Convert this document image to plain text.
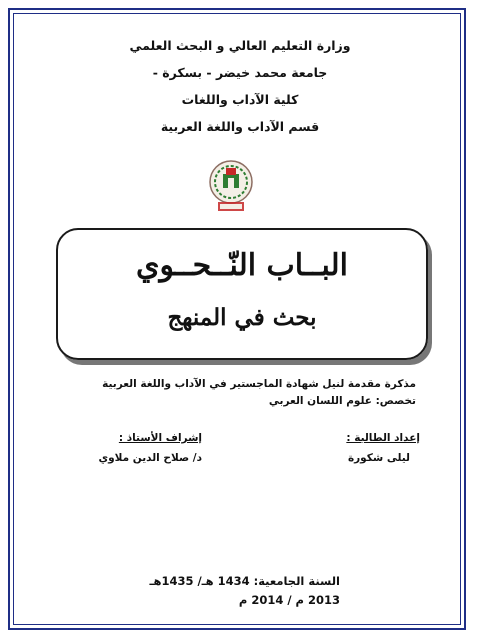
وزارة التعليم العالي و البحث العلمي
جامعة محمد خيضر - بسكرة -
كلية الآداب واللغات
قسم الآداب واللغة العربية
البــاب النّــحــوي
بحث في المنهج
مذكرة مقدمة لنيل شهادة الماجستير في الآداب واللغة العربية
تخصص: علوم اللسان العربي
إعداد الطالبة :
ليلى شكورة
إشراف الأستاذ :
د/ صلاح الدين ملاوي
السنة الجامعية: 1434 هـ/ 1435هـ
2013 م / 2014 م
